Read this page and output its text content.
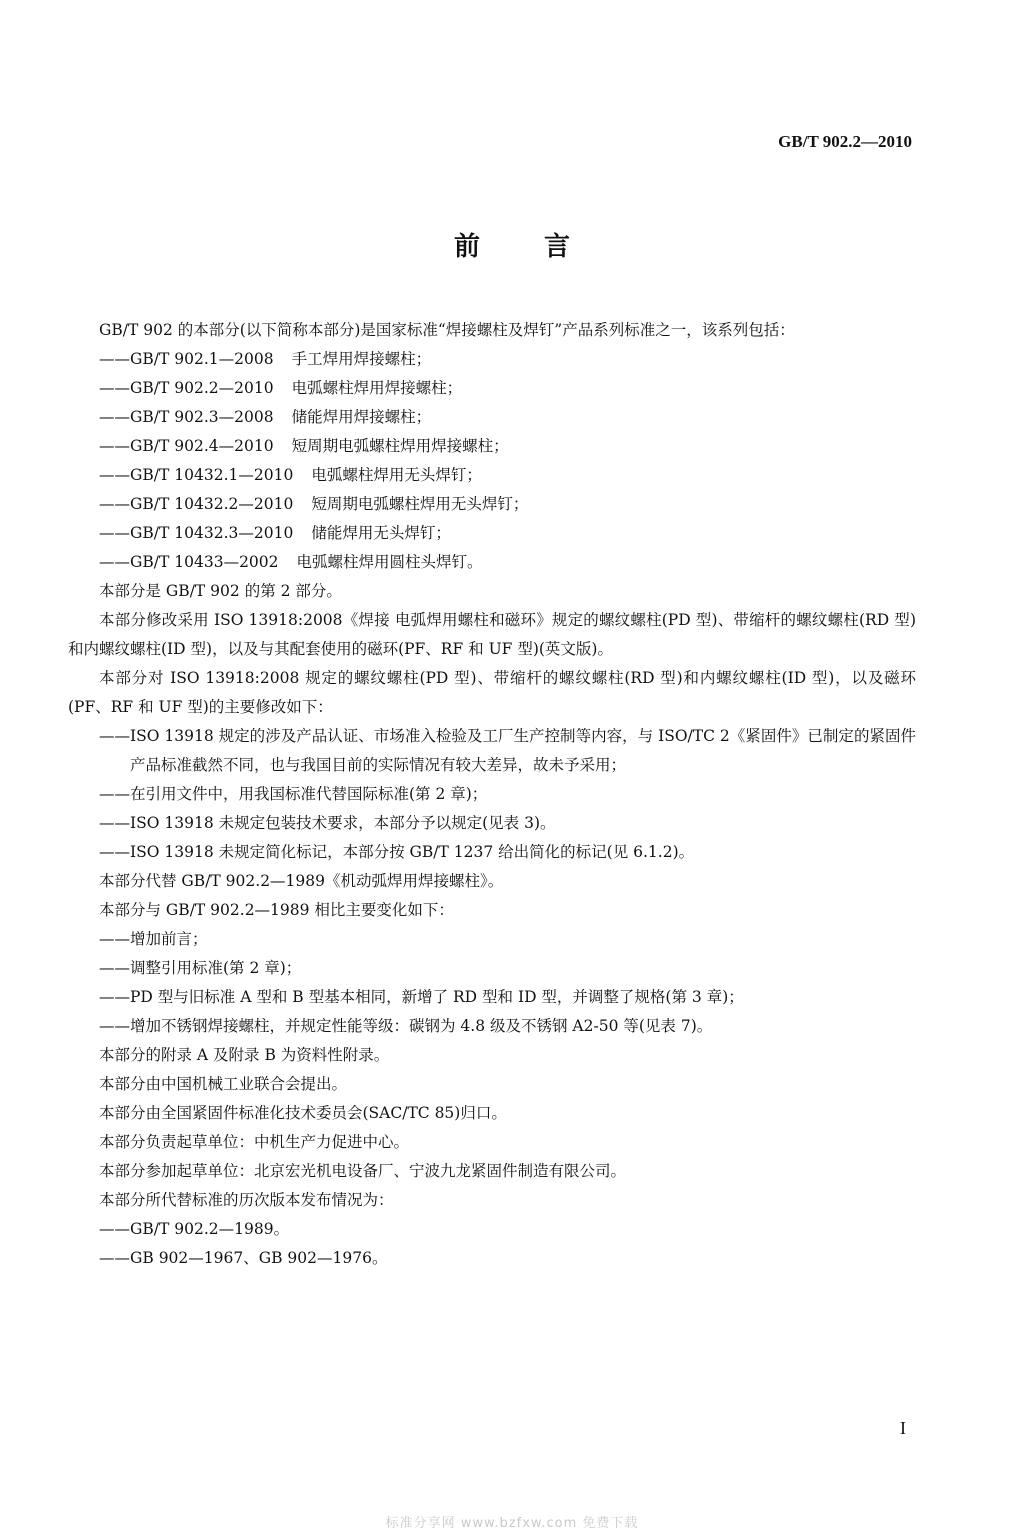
GB/T 902.2—2010
前言

GB/T 902 的本部分(以下简称本部分)是国家标准“焊接螺柱及焊钉”产品系列标准之一，该系列包括：

——GB/T 902.1—2008 手工焊用焊接螺柱；

——GB/T 902.2—2010 电弧螺柱焊用焊接螺柱；

——GB/T 902.3—2008 储能焊用焊接螺柱；

——GB/T 902.4—2010 短周期电弧螺柱焊用焊接螺柱；

——GB/T 10432.1—2010 电弧螺柱焊用无头焊钉；

——GB/T 10432.2—2010 短周期电弧螺柱焊用无头焊钉；

——GB/T 10432.3—2010 储能焊用无头焊钉；

——GB/T 10433—2002 电弧螺柱焊用圆柱头焊钉。

本部分是 GB/T 902 的第 2 部分。

本部分修改采用 ISO 13918:2008《焊接 电弧焊用螺柱和磁环》规定的螺纹螺柱(PD 型)、带缩杆的螺纹螺柱(RD 型)和内螺纹螺柱(ID 型)，以及与其配套使用的磁环(PF、RF 和 UF 型)(英文版)。

本部分对 ISO 13918:2008 规定的螺纹螺柱(PD 型)、带缩杆的螺纹螺柱(RD 型)和内螺纹螺柱(ID 型)，以及磁环(PF、RF 和 UF 型)的主要修改如下：

——ISO 13918 规定的涉及产品认证、市场准入检验及工厂生产控制等内容，与 ISO/TC 2《紧固件》已制定的紧固件产品标准截然不同，也与我国目前的实际情况有较大差异，故未予采用；

——在引用文件中，用我国标准代替国际标准(第 2 章)；

——ISO 13918 未规定包装技术要求，本部分予以规定(见表 3)。

——ISO 13918 未规定简化标记，本部分按 GB/T 1237 给出简化的标记(见 6.1.2)。

本部分代替 GB/T 902.2—1989《机动弧焊用焊接螺柱》。

本部分与 GB/T 902.2—1989 相比主要变化如下：

——增加前言；

——调整引用标准(第 2 章)；

——PD 型与旧标准 A 型和 B 型基本相同，新增了 RD 型和 ID 型，并调整了规格(第 3 章)；

——增加不锈钢焊接螺柱，并规定性能等级：碳钢为 4.8 级及不锈钢 A2-50 等(见表 7)。

本部分的附录 A 及附录 B 为资料性附录。

本部分由中国机械工业联合会提出。

本部分由全国紧固件标准化技术委员会(SAC/TC 85)归口。

本部分负责起草单位：中机生产力促进中心。

本部分参加起草单位：北京宏光机电设备厂、宁波九龙紧固件制造有限公司。

本部分所代替标准的历次版本发布情况为：

——GB/T 902.2—1989。

——GB 902—1967、GB 902—1976。

I
标准分享网 www.bzfxw.com 免费下载
